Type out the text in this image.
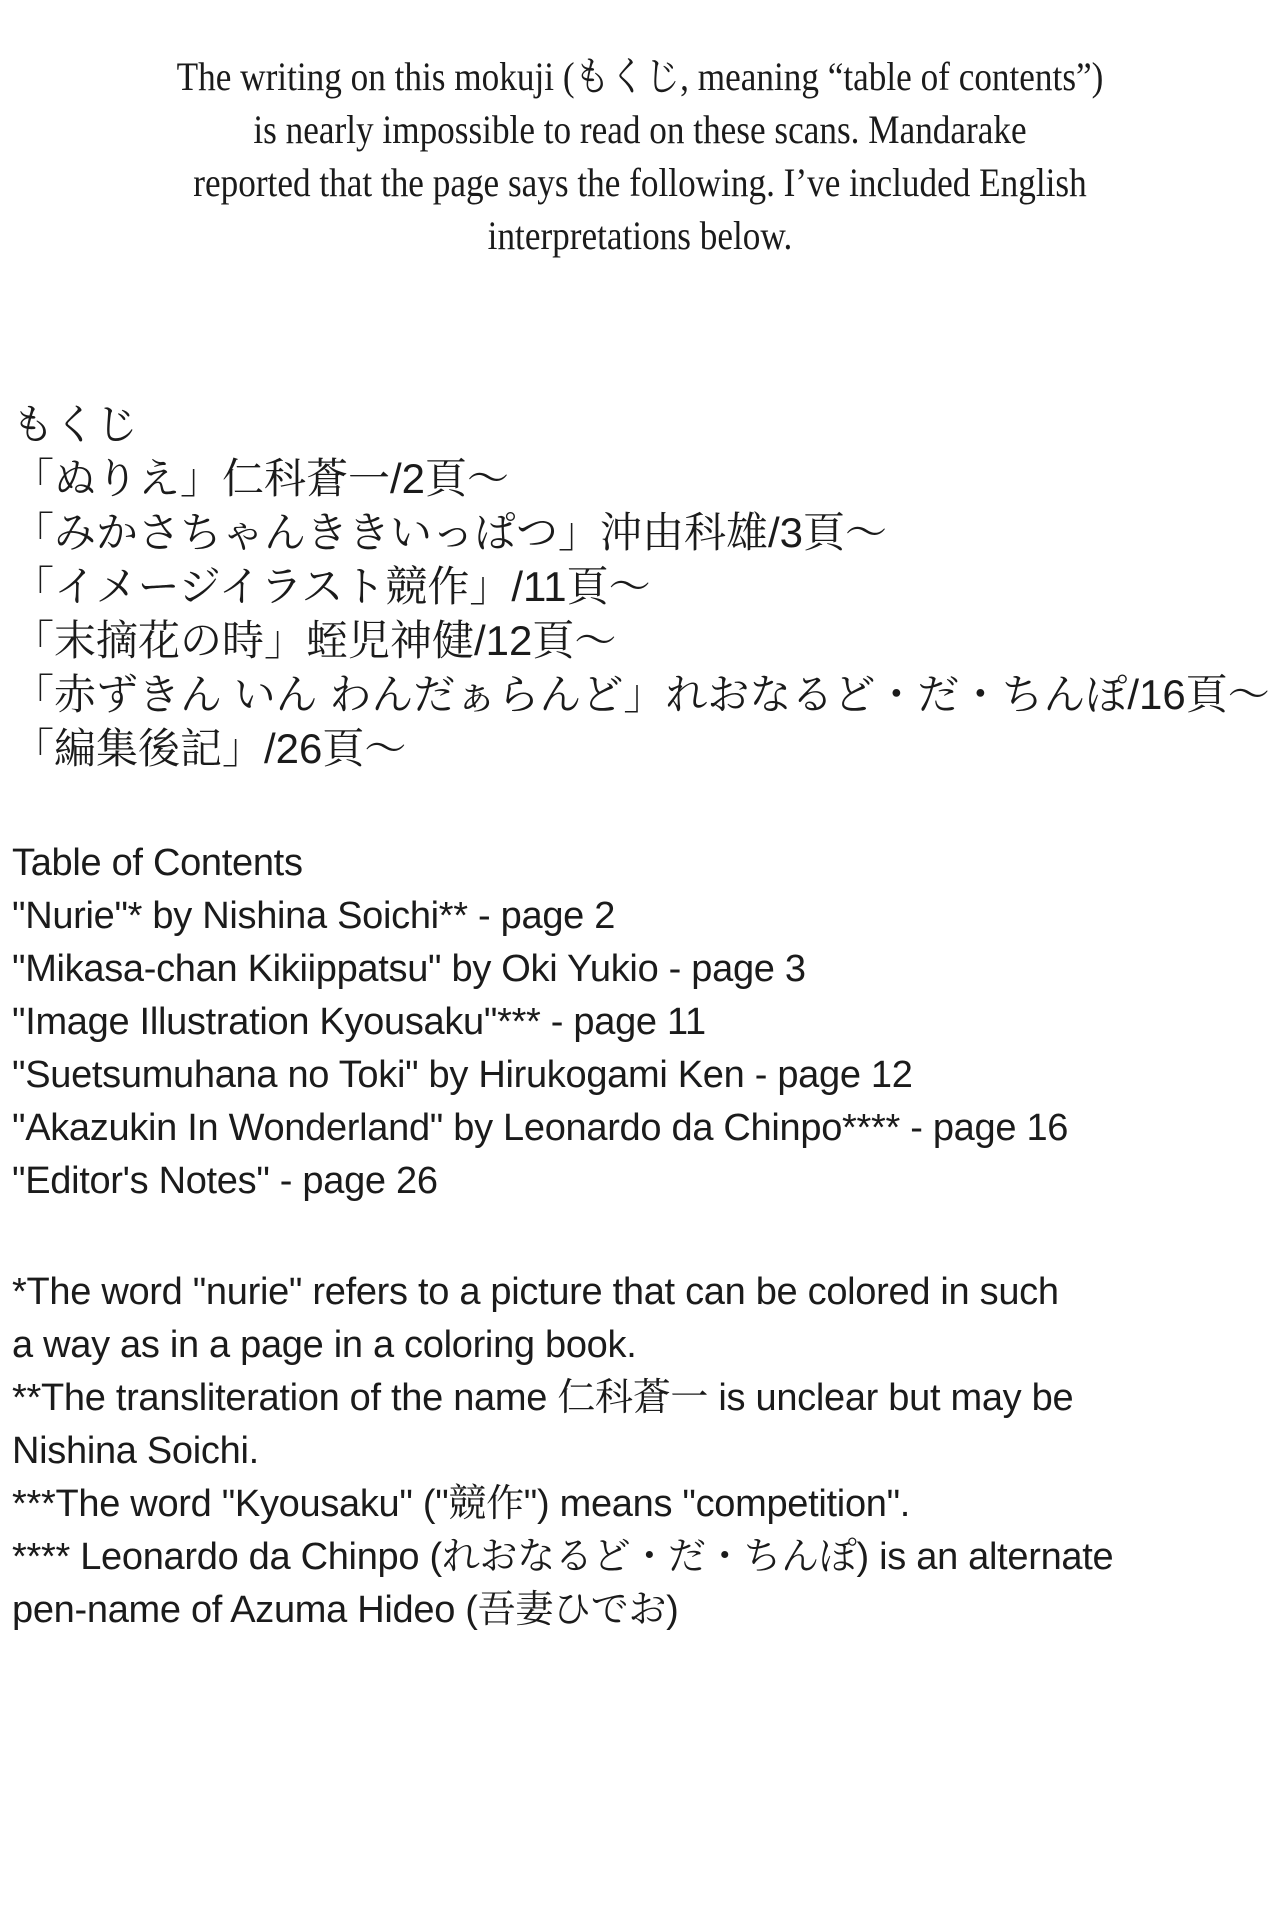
The writing on this mokuji (もくじ, meaning “table of contents”)
is nearly impossible to read on these scans. Mandarake
reported that the page says the following. I’ve included English
interpretations below.
もくじ
「ぬりえ」仁科蒼一/2頁〜
「みかさちゃんききいっぱつ」沖由科雄/3頁〜
「イメージイラスト競作」/11頁〜
「末摘花の時」蛭児神健/12頁〜
「赤ずきん いん わんだぁらんど」れおなるど・だ・ちんぽ/16頁〜
「編集後記」/26頁〜
Table of Contents
"Nurie"* by Nishina Soichi** - page 2
"Mikasa-chan Kikiippatsu" by Oki Yukio - page 3
"Image Illustration Kyousaku"*** - page 11
"Suetsumuhana no Toki" by Hirukogami Ken - page 12
"Akazukin In Wonderland" by Leonardo da Chinpo**** - page 16
"Editor's Notes" - page 26
*The word "nurie" refers to a picture that can be colored in such
a way as in a page in a coloring book.
**The transliteration of the name 仁科蒼一 is unclear but may be
Nishina Soichi.
***The word "Kyousaku" ("競作") means "competition".
**** Leonardo da Chinpo (れおなるど・だ・ちんぽ) is an alternate
pen-name of Azuma Hideo (吾妻ひでお)
